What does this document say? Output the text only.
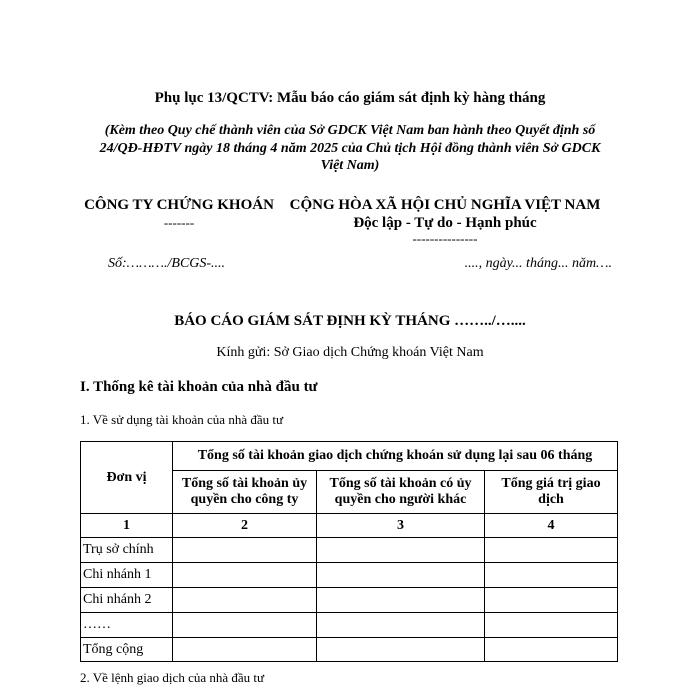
Phụ lục 13/QCTV: Mẫu báo cáo giám sát định kỳ hàng tháng
(Kèm theo Quy chế thành viên của Sở GDCK Việt Nam ban hành theo Quyết định số
24/QĐ-HĐTV ngày 18 tháng 4 năm 2025 của Chủ tịch Hội đồng thành viên Sở GDCK
Việt Nam)
CÔNG TY CHỨNG KHOÁN
-------
Số:………./BCGS-....
CỘNG HÒA XÃ HỘI CHỦ NGHĨA VIỆT NAM
Độc lập - Tự do - Hạnh phúc
---------------
...., ngày... tháng... năm….
BÁO CÁO GIÁM SÁT ĐỊNH KỲ THÁNG ……../…....
Kính gửi: Sở Giao dịch Chứng khoán Việt Nam
I. Thống kê tài khoản của nhà đầu tư
1. Về sử dụng tài khoản của nhà đầu tư
Đơn vị	Tổng số tài khoản giao dịch chứng khoán sử dụng lại sau 06 tháng		
	Tổng số tài khoản ủy quyền cho công ty	Tổng số tài khoản có ủy quyền cho người khác	Tổng giá trị giao dịch
1	2	3	4
Trụ sở chính			
Chi nhánh 1			
Chi nhánh 2			
……			
Tổng cộng			
2. Về lệnh giao dịch của nhà đầu tư
